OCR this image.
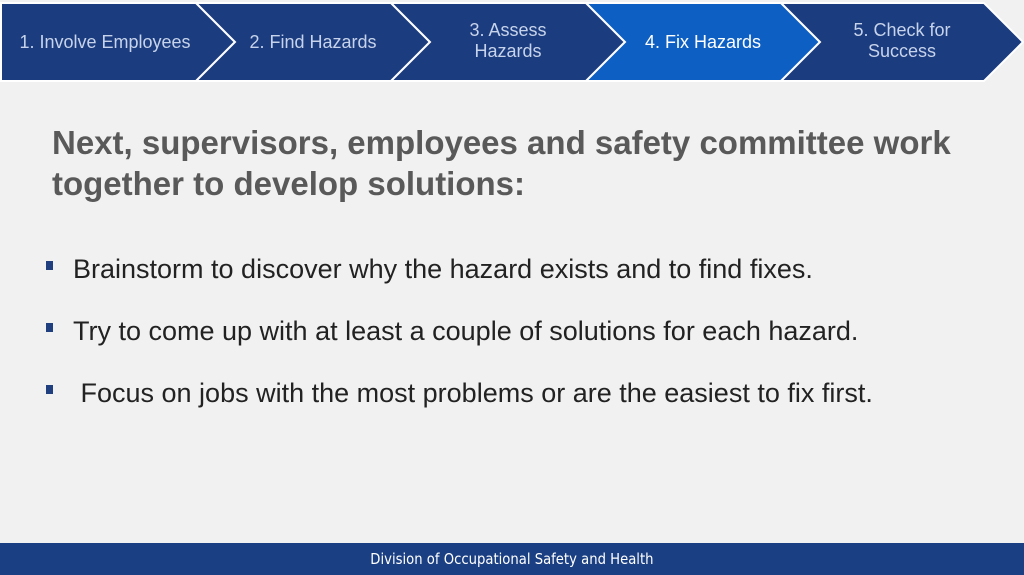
1. Involve Employees	2. Find Hazards
3. Assess
Hazards	4. Fix Hazards
5. Check for
Success
Next, supervisors, employees and safety committee work together to develop solutions:
Brainstorm to discover why the hazard exists and to find fixes.
Try to come up with at least a couple of solutions for each hazard.
Focus on jobs with the most problems or are the easiest to fix first.
Division of Occupational Safety and Health
